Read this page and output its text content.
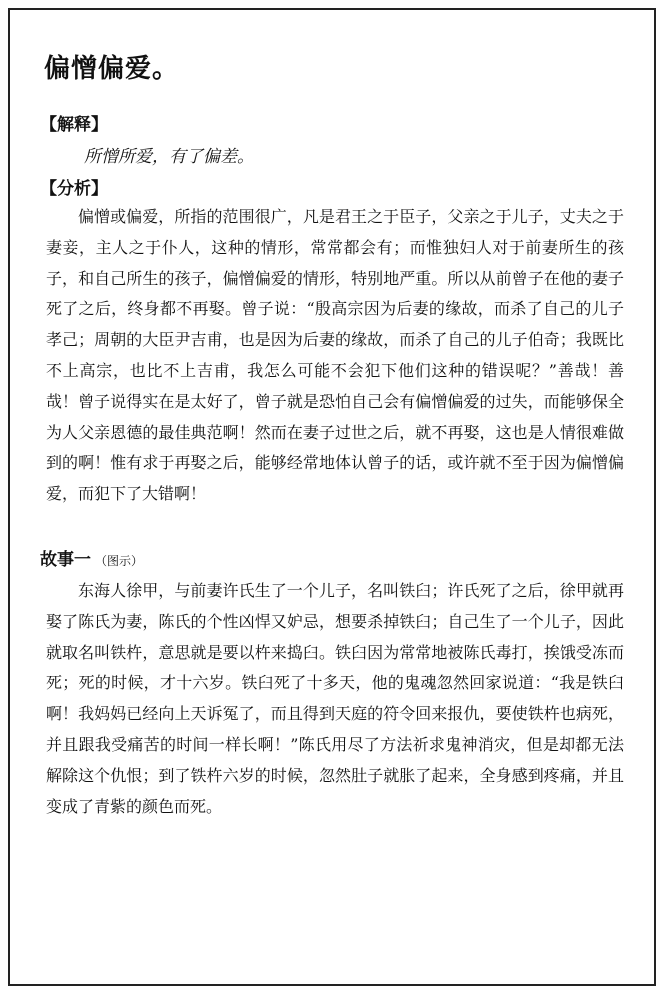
偏憎偏爱。
【解释】

所憎所爱，有了偏差。

【分析】

偏憎或偏爱，所指的范围很广，凡是君王之于臣子，父亲之于儿子，丈夫之于妻妾，主人之于仆人，这种的情形，常常都会有；而惟独妇人对于前妻所生的孩子，和自己所生的孩子，偏憎偏爱的情形，特别地严重。所以从前曾子在他的妻子死了之后，终身都不再娶。曾子说：“殷高宗因为后妻的缘故，而杀了自己的儿子孝己；周朝的大臣尹吉甫，也是因为后妻的缘故，而杀了自己的儿子伯奇；我既比不上高宗，也比不上吉甫，我怎么可能不会犯下他们这种的错误呢？”善哉！善哉！曾子说得实在是太好了，曾子就是恐怕自己会有偏憎偏爱的过失，而能够保全为人父亲恩德的最佳典范啊！然而在妻子过世之后，就不再娶，这也是人情很难做到的啊！惟有求于再娶之后，能够经常地体认曾子的话，或许就不至于因为偏憎偏爱，而犯下了大错啊！

故事一 （图示）

东海人徐甲，与前妻许氏生了一个儿子，名叫铁臼；许氏死了之后，徐甲就再娶了陈氏为妻，陈氏的个性凶悍又妒忌，想要杀掉铁臼；自己生了一个儿子，因此就取名叫铁杵，意思就是要以杵来捣臼。铁臼因为常常地被陈氏毒打，挨饿受冻而死；死的时候，才十六岁。铁臼死了十多天，他的鬼魂忽然回家说道：“我是铁臼啊！我妈妈已经向上天诉冤了，而且得到天庭的符令回来报仇，要使铁杵也病死，并且跟我受痛苦的时间一样长啊！”陈氏用尽了方法祈求鬼神消灾，但是却都无法解除这个仇恨；到了铁杵六岁的时候，忽然肚子就胀了起来，全身感到疼痛，并且变成了青紫的颜色而死。
